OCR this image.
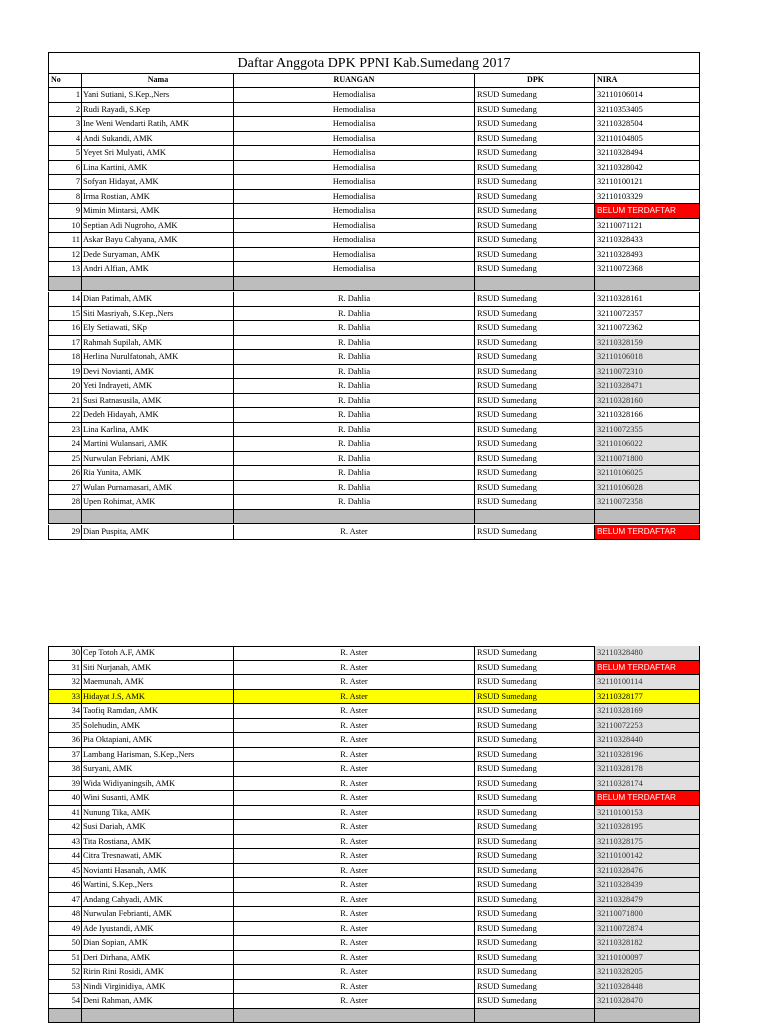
Daftar Anggota DPK PPNI Kab.Sumedang 2017
No	Nama	RUANGAN	DPK	NIRA
1 Yani Sutiani, S.Kep.,Ners	Hemodialisa	RSUD Sumedang	32110106014
2 Rudi Rayadi, S.Kep	Hemodialisa	RSUD Sumedang	32110353405
3 Ine Weni Wendarti Ratih, AMK	Hemodialisa	RSUD Sumedang	32110328504
4 Andi Sukandi, AMK	Hemodialisa	RSUD Sumedang	32110104805
5 Yeyet Sri Mulyati, AMK	Hemodialisa	RSUD Sumedang	32110328494
6 Lina Kartini, AMK	Hemodialisa	RSUD Sumedang	32110328042
7 Sofyan Hidayat, AMK	Hemodialisa	RSUD Sumedang	32110100121
8 Irma Rostian, AMK	Hemodialisa	RSUD Sumedang	32110103329
9 Mimin Mintarsi, AMK	Hemodialisa	RSUD Sumedang	BELUM TERDAFTAR
10 Septian Adi Nugroho, AMK	Hemodialisa	RSUD Sumedang	32110071121
11 Askar Bayu Cahyana, AMK	Hemodialisa	RSUD Sumedang	32110328433
12 Dede Suryaman, AMK	Hemodialisa	RSUD Sumedang	32110328493
13 Andri Alfian, AMK	Hemodialisa	RSUD Sumedang	32110072368
14 Dian Patimah, AMK	R. Dahlia	RSUD Sumedang	32110328161
15 Siti Masriyah, S.Kep.,Ners	R. Dahlia	RSUD Sumedang	32110072357
16 Ely Setiawati, SKp	R. Dahlia	RSUD Sumedang	32110072362
17 Rahmah Supilah, AMK	R. Dahlia	RSUD Sumedang	32110328159
18 Herlina Nurulfatonah, AMK	R. Dahlia	RSUD Sumedang	32110106018
19 Devi Novianti, AMK	R. Dahlia	RSUD Sumedang	32110072310
20 Yeti Indrayeti, AMK	R. Dahlia	RSUD Sumedang	32110328471
21 Susi Ratnasusila, AMK	R. Dahlia	RSUD Sumedang	32110328160
22 Dedeh Hidayah, AMK	R. Dahlia	RSUD Sumedang	32110328166
23 Lina Karlina, AMK	R. Dahlia	RSUD Sumedang	32110072355
24 Martini Wulansari, AMK	R. Dahlia	RSUD Sumedang	32110106022
25 Nurwulan Febriani, AMK	R. Dahlia	RSUD Sumedang	32110071800
26 Ria Yunita, AMK	R. Dahlia	RSUD Sumedang	32110106025
27 Wulan Purnamasari, AMK	R. Dahlia	RSUD Sumedang	32110106028
28 Upen Rohimat, AMK	R. Dahlia	RSUD Sumedang	32110072358
29 Dian Puspita, AMK	R. Aster	RSUD Sumedang	BELUM TERDAFTAR
30 Cep Totoh A.F, AMK	R. Aster	RSUD Sumedang	32110328480
31 Siti Nurjanah, AMK	R. Aster	RSUD Sumedang	BELUM TERDAFTAR
32 Maemunah, AMK	R. Aster	RSUD Sumedang	32110100114
33 Hidayat J.S, AMK	R. Aster	RSUD Sumedang	32110328177
34 Taofiq Ramdan, AMK	R. Aster	RSUD Sumedang	32110328169
35 Solehudin, AMK	R. Aster	RSUD Sumedang	32110072253
36 Pia Oktapiani, AMK	R. Aster	RSUD Sumedang	32110328440
37 Lambang Harisman, S.Kep.,Ners	R. Aster	RSUD Sumedang	32110328196
38 Suryani, AMK	R. Aster	RSUD Sumedang	32110328178
39 Wida Widiyaningsih, AMK	R. Aster	RSUD Sumedang	32110328174
40 Wini Susanti, AMK	R. Aster	RSUD Sumedang	BELUM TERDAFTAR
41 Nunung Tika, AMK	R. Aster	RSUD Sumedang	32110100153
42 Susi Dariah, AMK	R. Aster	RSUD Sumedang	32110328195
43 Tita Rostiana, AMK	R. Aster	RSUD Sumedang	32110328175
44 Citra Tresnawati, AMK	R. Aster	RSUD Sumedang	32110100142
45 Novianti Hasanah, AMK	R. Aster	RSUD Sumedang	32110328476
46 Wartini, S.Kep.,Ners	R. Aster	RSUD Sumedang	32110328439
47 Andang Cahyadi, AMK	R. Aster	RSUD Sumedang	32110328479
48 Nurwulan Febrianti, AMK	R. Aster	RSUD Sumedang	32110071800
49 Ade Iyustandi, AMK	R. Aster	RSUD Sumedang	32110072874
50 Dian Sopian, AMK	R. Aster	RSUD Sumedang	32110328182
51 Deri Dirhana, AMK	R. Aster	RSUD Sumedang	32110100097
52 Ririn Rini Rosidi, AMK	R. Aster	RSUD Sumedang	32110328205
53 Nindi Virginidiya, AMK	R. Aster	RSUD Sumedang	32110328448
54 Deni Rahman, AMK	R. Aster	RSUD Sumedang	32110328470
